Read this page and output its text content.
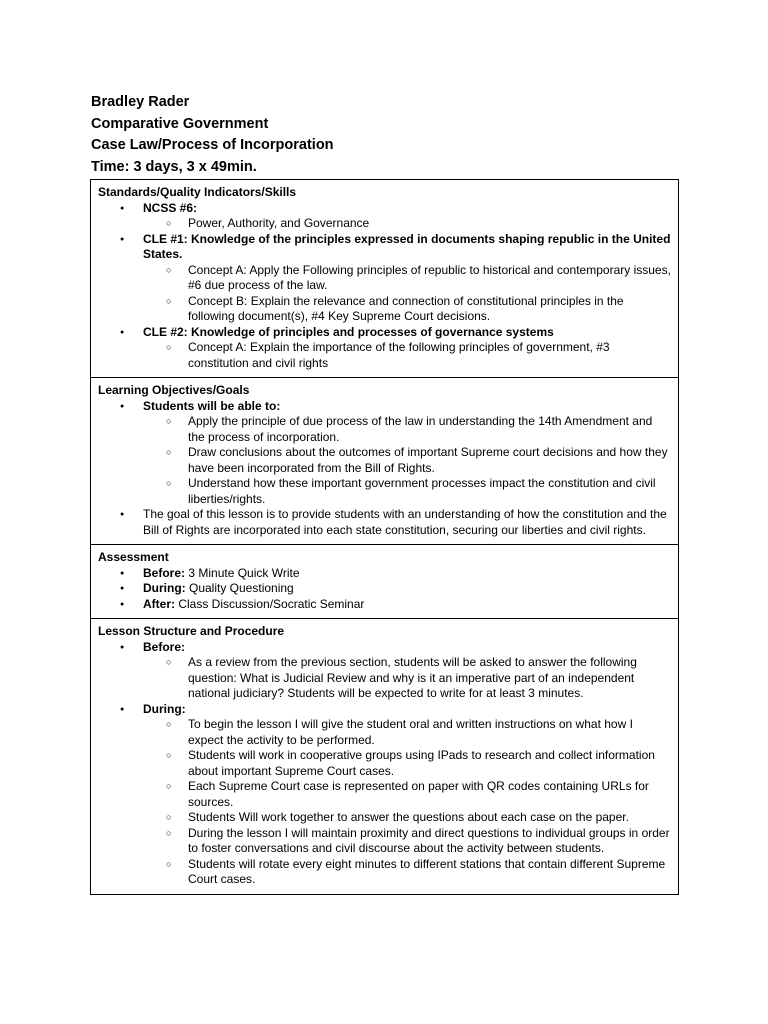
Bradley Rader
Comparative Government
Case Law/Process of Incorporation
Time: 3 days, 3 x 49min.
Standards/Quality Indicators/Skills
● NCSS #6:
○ Power, Authority, and Governance
● CLE #1: Knowledge of the principles expressed in documents shaping republic in the United States.
○ Concept A: Apply the Following principles of republic to historical and contemporary issues, #6 due process of the law.
○ Concept B: Explain the relevance and connection of constitutional principles in the following document(s), #4 Key Supreme Court decisions.
● CLE #2: Knowledge of principles and processes of governance systems
○ Concept A: Explain the importance of the following principles of government, #3 constitution and civil rights

Learning Objectives/Goals
● Students will be able to:
○ Apply the principle of due process of the law in understanding the 14th Amendment and the process of incorporation.
○ Draw conclusions about the outcomes of important Supreme court decisions and how they have been incorporated from the Bill of Rights.
○ Understand how these important government processes impact the constitution and civil liberties/rights.
● The goal of this lesson is to provide students with an understanding of how the constitution and the Bill of Rights are incorporated into each state constitution, securing our liberties and civil rights.

Assessment
● Before: 3 Minute Quick Write
● During: Quality Questioning
● After: Class Discussion/Socratic Seminar

Lesson Structure and Procedure
● Before:
○ As a review from the previous section, students will be asked to answer the following question: What is Judicial Review and why is it an imperative part of an independent national judiciary? Students will be expected to write for at least 3 minutes.
● During:
○ To begin the lesson I will give the student oral and written instructions on what how I expect the activity to be performed.
○ Students will work in cooperative groups using IPads to research and collect information about important Supreme Court cases.
○ Each Supreme Court case is represented on paper with QR codes containing URLs for sources.
○ Students Will work together to answer the questions about each case on the paper.
○ During the lesson I will maintain proximity and direct questions to individual groups in order to foster conversations and civil discourse about the activity between students.
○ Students will rotate every eight minutes to different stations that contain different Supreme Court cases.
